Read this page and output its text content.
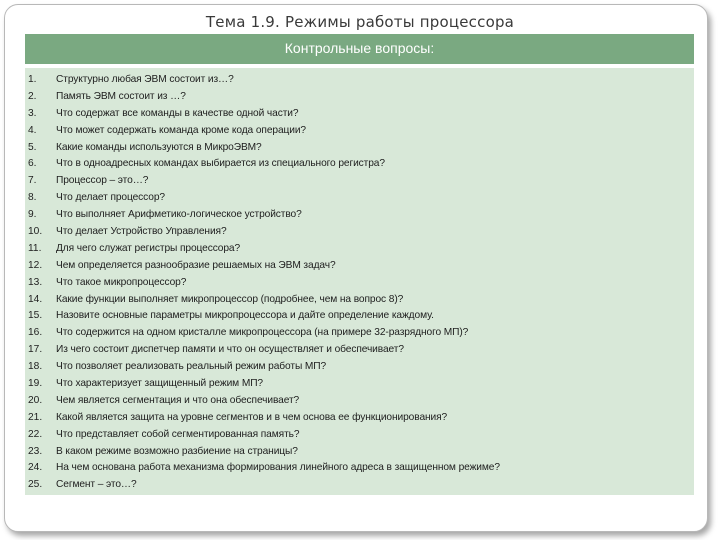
Тема 1.9. Режимы работы процессора
Контрольные вопросы:
1.	Структурно любая ЭВМ состоит из…?
2.	Память ЭВМ состоит из …?
3.	Что содержат все команды в качестве одной части?
4.	Что может содержать команда кроме кода операции?
5.	Какие команды используются в МикроЭВМ?
6.	Что в одноадресных командах выбирается из специального регистра?
7.	Процессор – это…?
8.	Что делает процессор?
9.	Что выполняет Арифметико-логическое устройство?
10.	Что делает Устройство Управления?
11.	Для чего служат регистры процессора?
12.	Чем определяется разнообразие решаемых на ЭВМ задач?
13.	Что такое микропроцессор?
14.	Какие функции выполняет микропроцессор (подробнее, чем на вопрос 8)?
15.	Назовите основные параметры микропроцессора и дайте определение каждому.
16.	Что содержится на одном кристалле микропроцессора (на примере 32-разрядного МП)?
17.	Из чего состоит диспетчер памяти и что он осуществляет и обеспечивает?
18.	Что позволяет реализовать реальный режим работы МП?
19.	Что характеризует защищенный режим МП?
20.	Чем является сегментация и что она обеспечивает?
21.	Какой является защита на уровне сегментов и в чем основа ее функционирования?
22.	Что представляет собой сегментированная память?
23.	В каком режиме возможно разбиение на страницы?
24.	На чем основана работа механизма формирования линейного адреса в защищенном режиме?
25.	Сегмент – это…?
